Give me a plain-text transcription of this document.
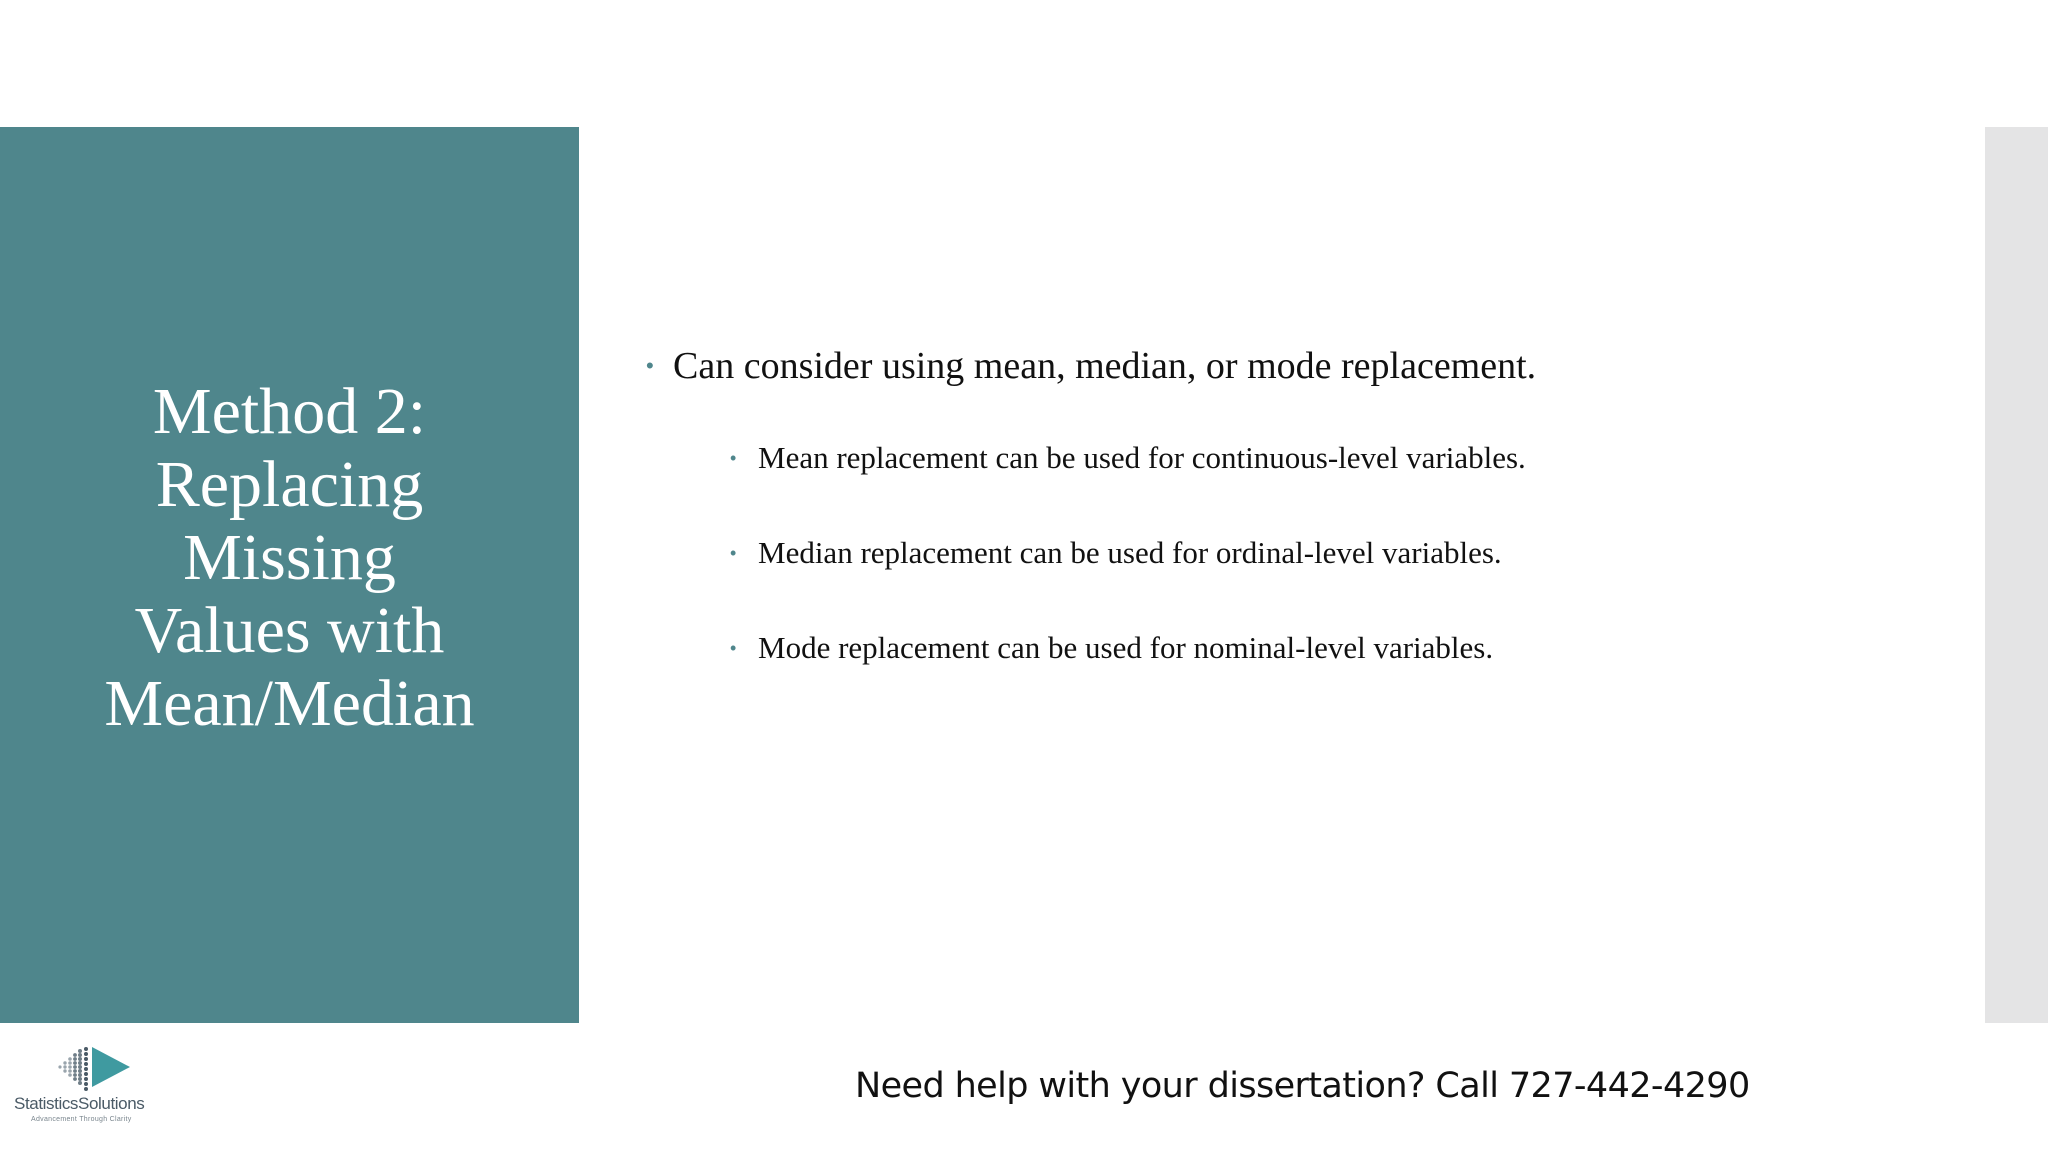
Method 2:
Replacing
Missing
Values with
Mean/Median
• Can consider using mean, median, or mode replacement.
• Mean replacement can be used for continuous-level variables.
• Median replacement can be used for ordinal-level variables.
• Mode replacement can be used for nominal-level variables.
StatisticsSolutions
Advancement Through Clarity
Need help with your dissertation? Call 727-442-4290
